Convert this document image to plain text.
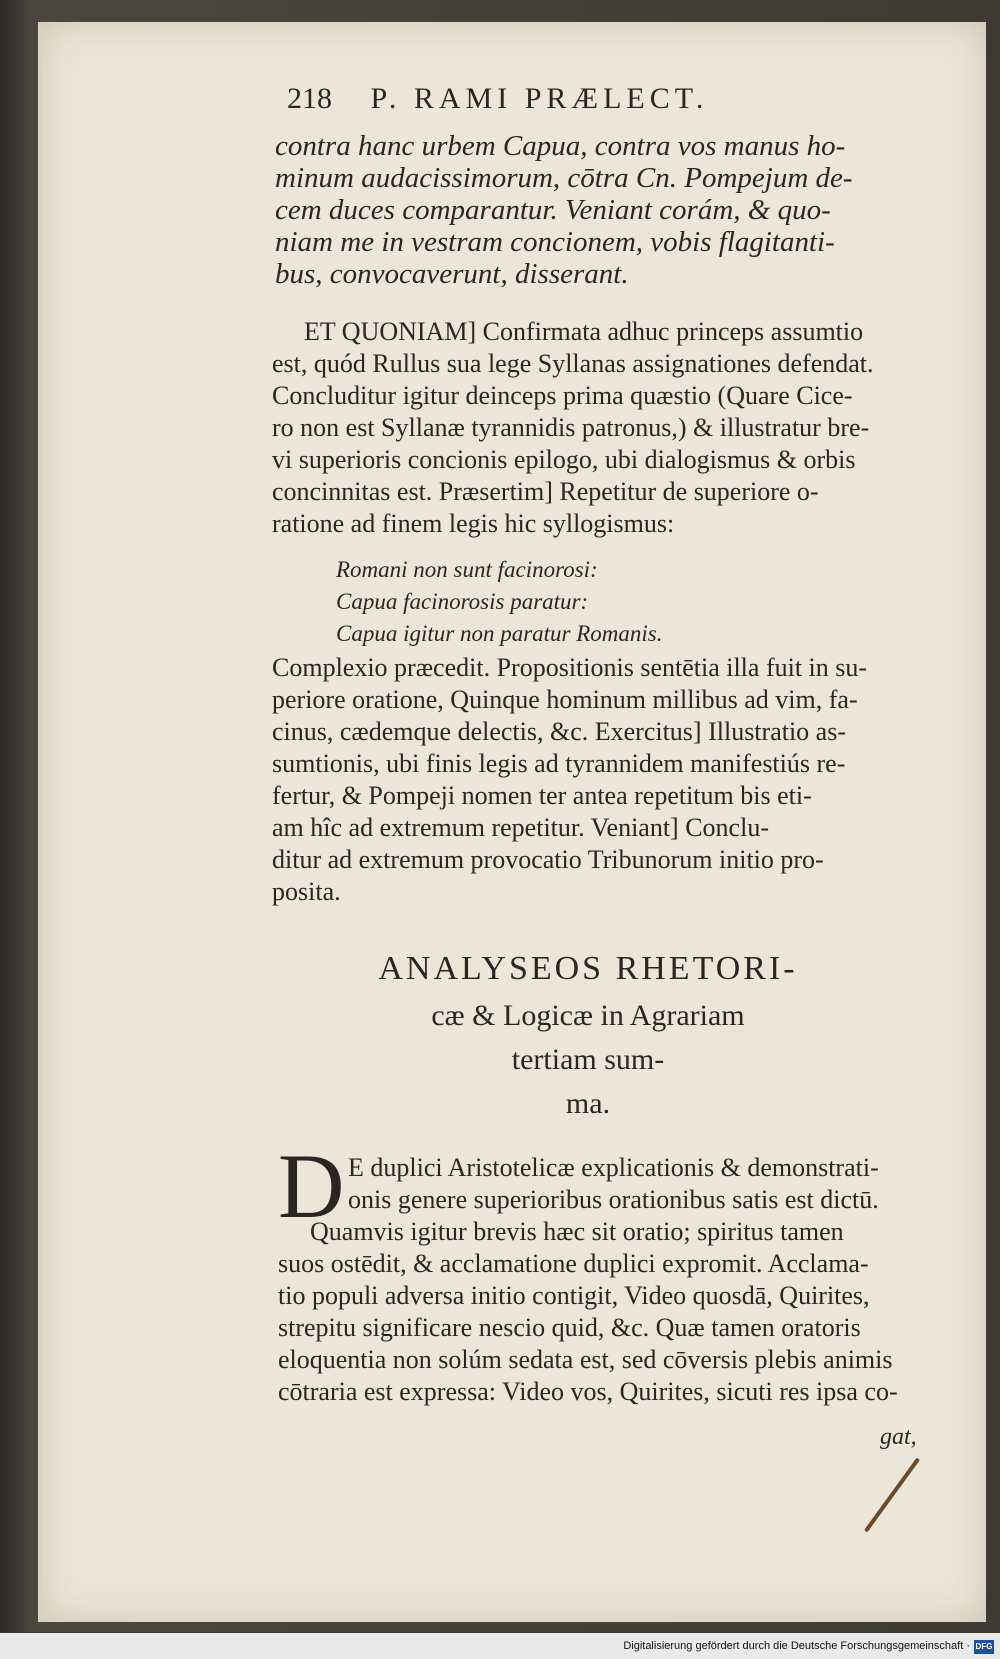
218 P. RAMI PRÆLECT.

contra hanc urbem Capua, contra vos manus ho-

minum audacissimorum, cōtra Cn. Pompejum de-

cem duces comparantur. Veniant corám, & quo-

niam me in vestram concionem, vobis flagitanti-

bus, convocaverunt, disserant.

ET QUONIAM] Confirmata adhuc princeps assumtio

est, quód Rullus sua lege Syllanas assignationes defendat.

Concluditur igitur deinceps prima quæstio (Quare Cice-

ro non est Syllanæ tyrannidis patronus,) & illustratur bre-

vi superioris concionis epilogo, ubi dialogismus & orbis

concinnitas est. Præsertim] Repetitur de superiore o-

ratione ad finem legis hic syllogismus:

Romani non sunt facinorosi:

Capua facinorosis paratur:

Capua igitur non paratur Romanis.

Complexio præcedit. Propositionis sentētia illa fuit in su-

periore oratione, Quinque hominum millibus ad vim, fa-

cinus, cædemque delectis, &c. Exercitus] Illustratio as-

sumtionis, ubi finis legis ad tyrannidem manifestiús re-

fertur, & Pompeji nomen ter antea repetitum bis eti-

am hîc ad extremum repetitur. Veniant] Conclu-

ditur ad extremum provocatio Tribunorum initio pro-

posita.

ANALYSEOS RHETORI-

cæ & Logicæ in Agrariam

tertiam sum-

ma.

D E duplici Aristotelicæ explicationis & demonstrati-

onis genere superioribus orationibus satis est dictū.

Quamvis igitur brevis hæc sit oratio; spiritus tamen

suos ostēdit, & acclamatione duplici expromit. Acclama-

tio populi adversa initio contigit, Video quosdā, Quirites,

strepitu significare nescio quid, &c. Quæ tamen oratoris

eloquentia non solúm sedata est, sed cōversis plebis animis

cōtraria est expressa: Video vos, Quirites, sicuti res ipsa co-

gat,
Digitalisierung gefördert durch die Deutsche Forschungsgemeinschaft · DFG
